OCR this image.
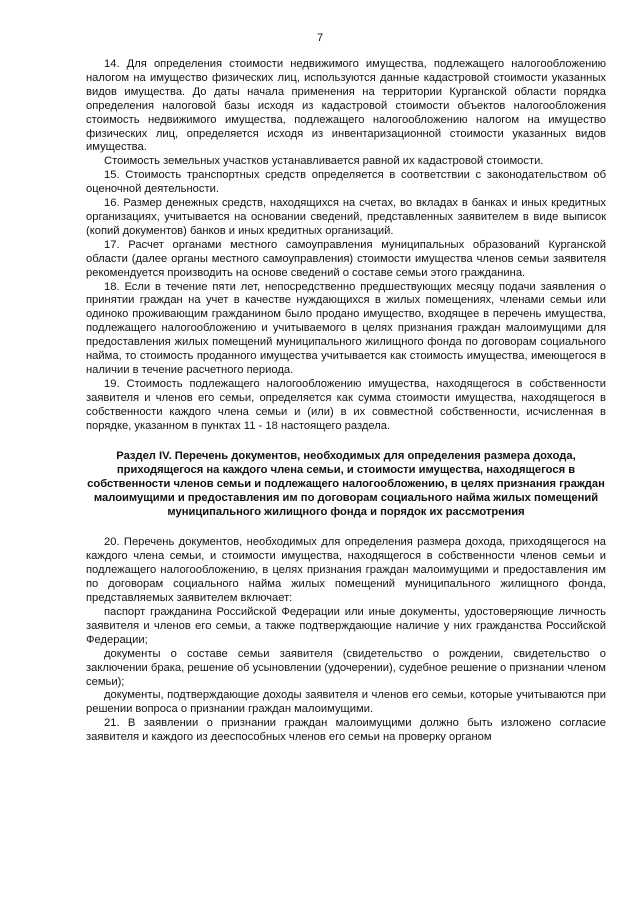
7

14. Для определения стоимости недвижимого имущества, подлежащего налогообложению налогом на имущество физических лиц, используются данные кадастровой стоимости указанных видов имущества. До даты начала применения на территории Курганской области порядка определения налоговой базы исходя из кадастровой стоимости объектов налогообложения стоимость недвижимого имущества, подлежащего налогообложению налогом на имущество физических лиц, определяется исходя из инвентаризационной стоимости указанных видов имущества.

Стоимость земельных участков устанавливается равной их кадастровой стоимости.

15. Стоимость транспортных средств определяется в соответствии с законодательством об оценочной деятельности.

16. Размер денежных средств, находящихся на счетах, во вкладах в банках и иных кредитных организациях, учитывается на основании сведений, представленных заявителем в виде выписок (копий документов) банков и иных кредитных организаций.

17. Расчет органами местного самоуправления муниципальных образований Курганской области (далее органы местного самоуправления) стоимости имущества членов семьи заявителя рекомендуется производить на основе сведений о составе семьи этого гражданина.

18. Если в течение пяти лет, непосредственно предшествующих месяцу подачи заявления о принятии граждан на учет в качестве нуждающихся в жилых помещениях, членами семьи или одиноко проживающим гражданином было продано имущество, входящее в перечень имущества, подлежащего налогообложению и учитываемого в целях признания граждан малоимущими для предоставления жилых помещений муниципального жилищного фонда по договорам социального найма, то стоимость проданного имущества учитывается как стоимость имущества, имеющегося в наличии в течение расчетного периода.

19. Стоимость подлежащего налогообложению имущества, находящегося в собственности заявителя и членов его семьи, определяется как сумма стоимости имущества, находящегося в собственности каждого члена семьи и (или) в их совместной собственности, исчисленная в порядке, указанном в пунктах 11 - 18 настоящего раздела.

Раздел IV. Перечень документов, необходимых для определения размера дохода, приходящегося на каждого члена семьи, и стоимости имущества, находящегося в собственности членов семьи и подлежащего налогообложению, в целях признания граждан малоимущими и предоставления им по договорам социального найма жилых помещений муниципального жилищного фонда и порядок их рассмотрения

20. Перечень документов, необходимых для определения размера дохода, приходящегося на каждого члена семьи, и стоимости имущества, находящегося в собственности членов семьи и подлежащего налогообложению, в целях признания граждан малоимущими и предоставления им по договорам социального найма жилых помещений муниципального жилищного фонда, представляемых заявителем включает:

паспорт гражданина Российской Федерации или иные документы, удостоверяющие личность заявителя и членов его семьи, а также подтверждающие наличие у них гражданства Российской Федерации;

документы о составе семьи заявителя (свидетельство о рождении, свидетельство о заключении брака, решение об усыновлении (удочерении), судебное решение о признании членом семьи);

документы, подтверждающие доходы заявителя и членов его семьи, которые учитываются при решении вопроса о признании граждан малоимущими.

21. В заявлении о признании граждан малоимущими должно быть изложено согласие заявителя и каждого из дееспособных членов его семьи на проверку органом
